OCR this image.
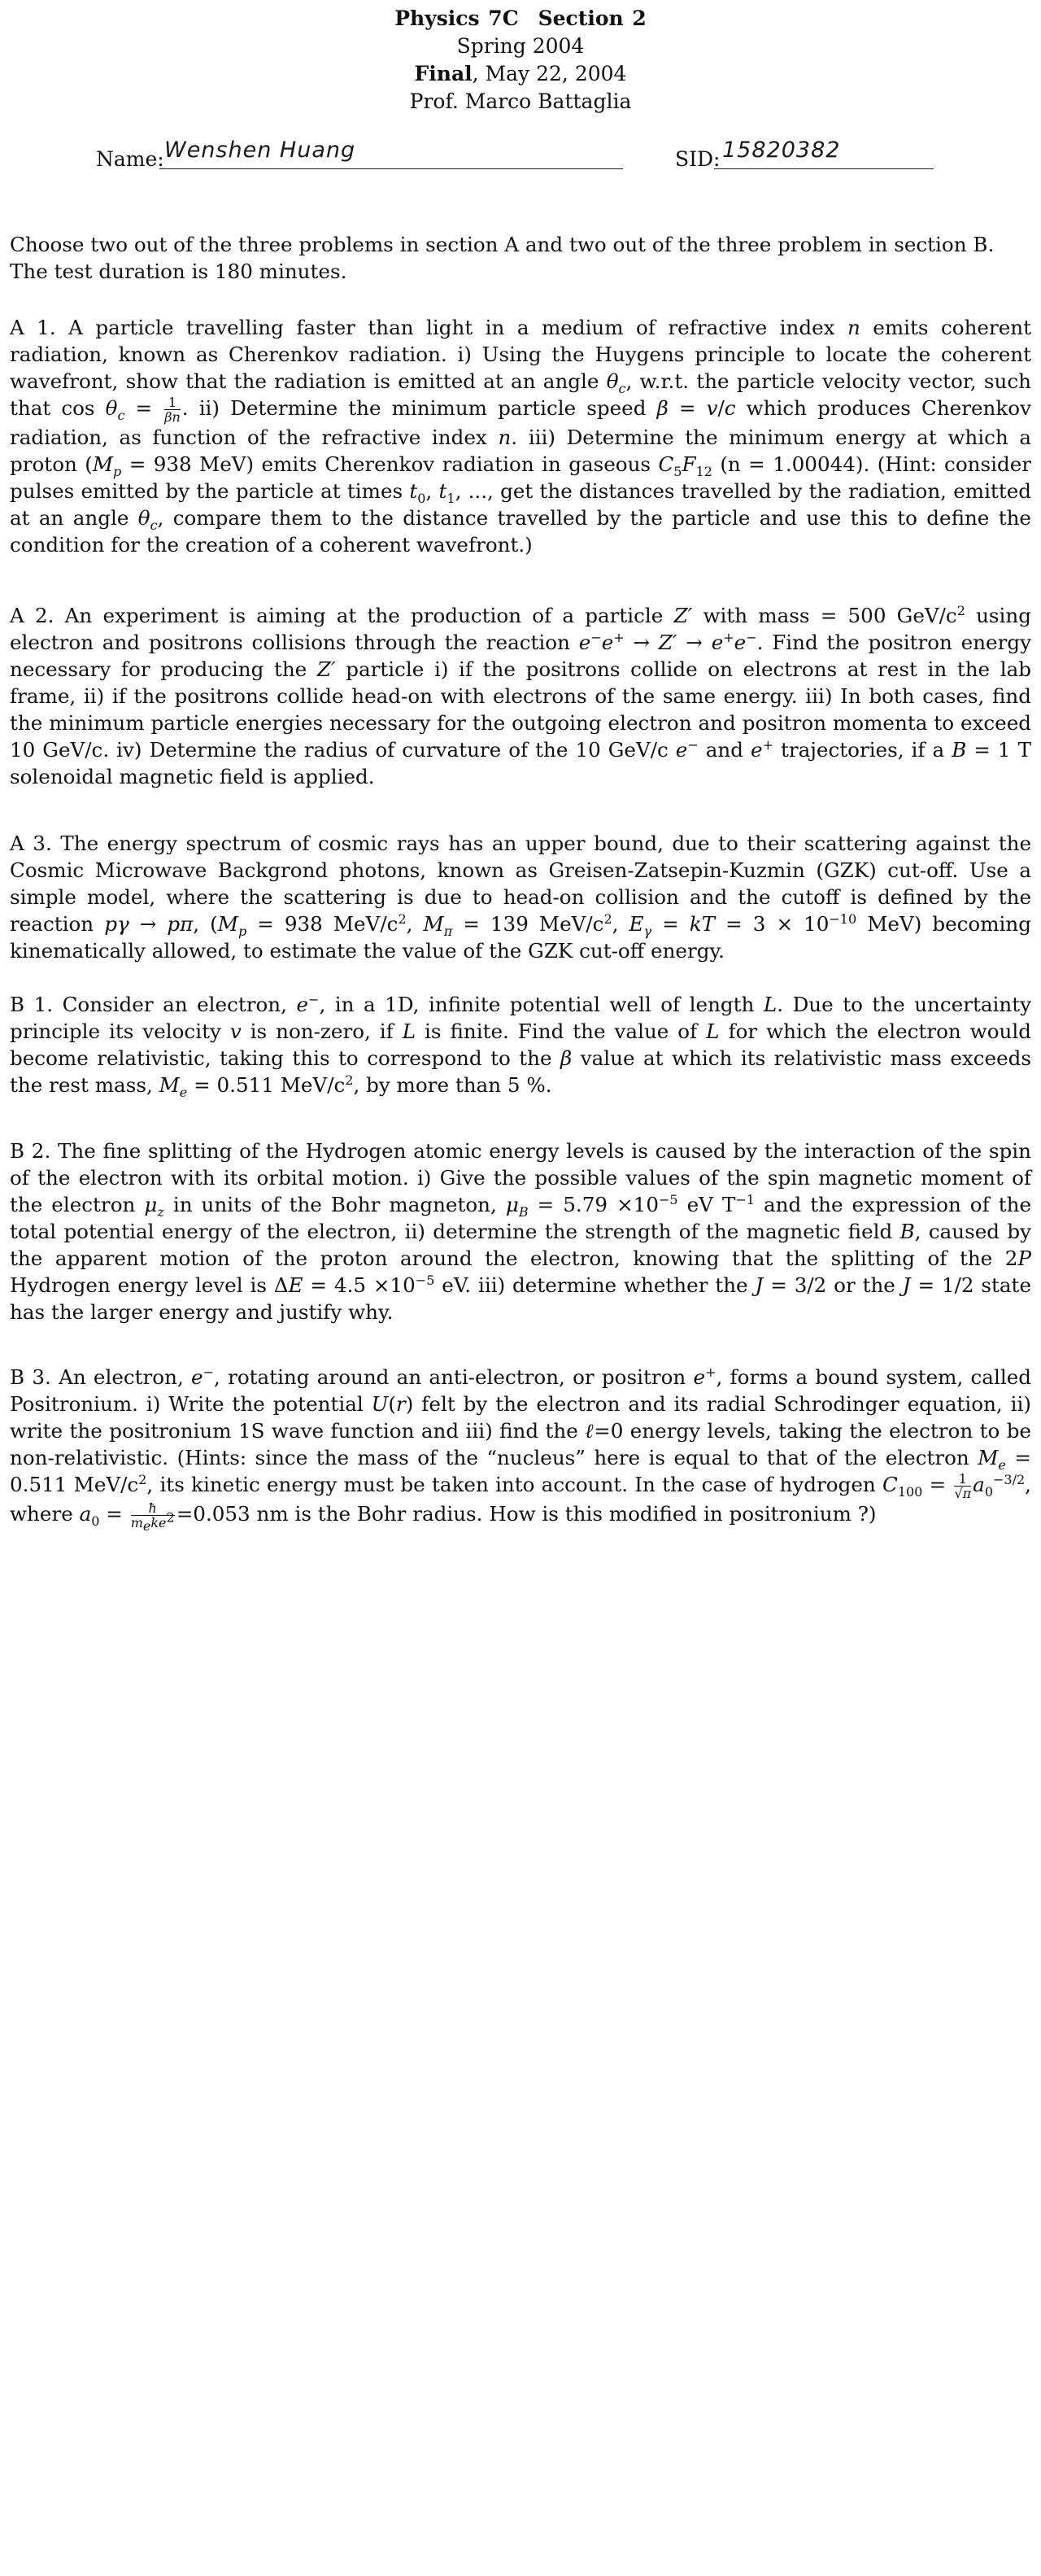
Physics 7C Section 2
Spring 2004
Final, May 22, 2004
Prof. Marco Battaglia
Name: Wenshen Huang	SID: 15820382

Choose two out of the three problems in section A and two out of the three problem in section B.

The test duration is 180 minutes.

A 1. A particle travelling faster than light in a medium of refractive index n emits coherent radiation, known as Cherenkov radiation. i) Using the Huygens principle to locate the coherent wavefront, show that the radiation is emitted at an angle $\theta_c$, w.r.t. the particle velocity vector, such that $\cos \theta_c = \frac{1}{\beta n}$ . ii) Determine the minimum particle speed β = v/c which produces Cherenkov radiation, as function of the refractive index n. iii) Determine the minimum energy at which a proton ($M_p = 938$ MeV) emits Cherenkov radiation in gaseous $C_5F_{12}$ (n = 1.00044). (Hint: consider pulses emitted by the particle at times $t_0$, $t_1$, ..., get the distances travelled by the radiation, emitted at an angle $\theta_c$, compare them to the distance travelled by the particle and use this to define the condition for the creation of a coherent wavefront.)

A 2. An experiment is aiming at the production of a particle Z′ with mass = 500 GeV/$c^2$ using electron and positrons collisions through the reaction e−e+ → Z′ → e+e−. Find the positron energy necessary for producing the Z′ particle i) if the positrons collide on electrons at rest in the lab frame, ii) if the positrons collide head-on with electrons of the same energy. iii) In both cases, find the minimum particle energies necessary for the outgoing electron and positron momenta to exceed 10 GeV/c. iv) Determine the radius of curvature of the 10 GeV/c e− and e+ trajectories, if a B = 1 T solenoidal magnetic field is applied.

A 3. The energy spectrum of cosmic rays has an upper bound, due to their scattering against the Cosmic Microwave Backgrond photons, known as Greisen-Zatsepin-Kuzmin (GZK) cut-off. Use a simple model, where the scattering is due to head-on collision and the cutoff is defined by the reaction pγ → pπ, ($M_p = 938$ MeV/$c^2$, $M_\pi = 139$ MeV/$c^2$, $E_\gamma$ = kT = $3 \times 10^{-10}$ MeV) becoming kinematically allowed, to estimate the value of the GZK cut-off energy.

B 1. Consider an electron, e−, in a 1D, infinite potential well of length L. Due to the uncertainty principle its velocity v is non-zero, if L is finite. Find the value of L for which the electron would become relativistic, taking this to correspond to the β value at which its relativistic mass exceeds the rest mass, $M_e = 0.511$ MeV/$c^2$, by more than 5 %.

B 2. The fine splitting of the Hydrogen atomic energy levels is caused by the interaction of the spin of the electron with its orbital motion. i) Give the possible values of the spin magnetic moment of the electron $\mu_z$ in units of the Bohr magneton, $\mu_B = 5.79 \times 10^{-5}$ eV $T^{-1}$ and the expression of the total potential energy of the electron, ii) determine the strength of the magnetic field B, caused by the apparent motion of the proton around the electron, knowing that the splitting of the 2P Hydrogen energy level is $\Delta E = 4.5 \times 10^{-5}$ eV. iii) determine whether the J = 3/2 or the J = 1/2 state has the larger energy and justify why.

B 3. An electron, e−, rotating around an anti-electron, or positron e+, forms a bound system, called Positronium. i) Write the potential U(r) felt by the electron and its radial Schrodinger equation, ii) write the positronium 1S wave function and iii) find the ℓ=0 energy levels, taking the electron to be non-relativistic. (Hints: since the mass of the “nucleus” here is equal to that of the electron $M_e = 0.511$ MeV/$c^2$, its kinetic energy must be taken into account. In the case of hydrogen $C_{100} = \frac{1}{√\pi} a_0^{-3/2}$, where $a_0 = \frac{ħ}{m_eke^2} =0.053$ nm is the Bohr radius. How is this modified in positronium ?)
